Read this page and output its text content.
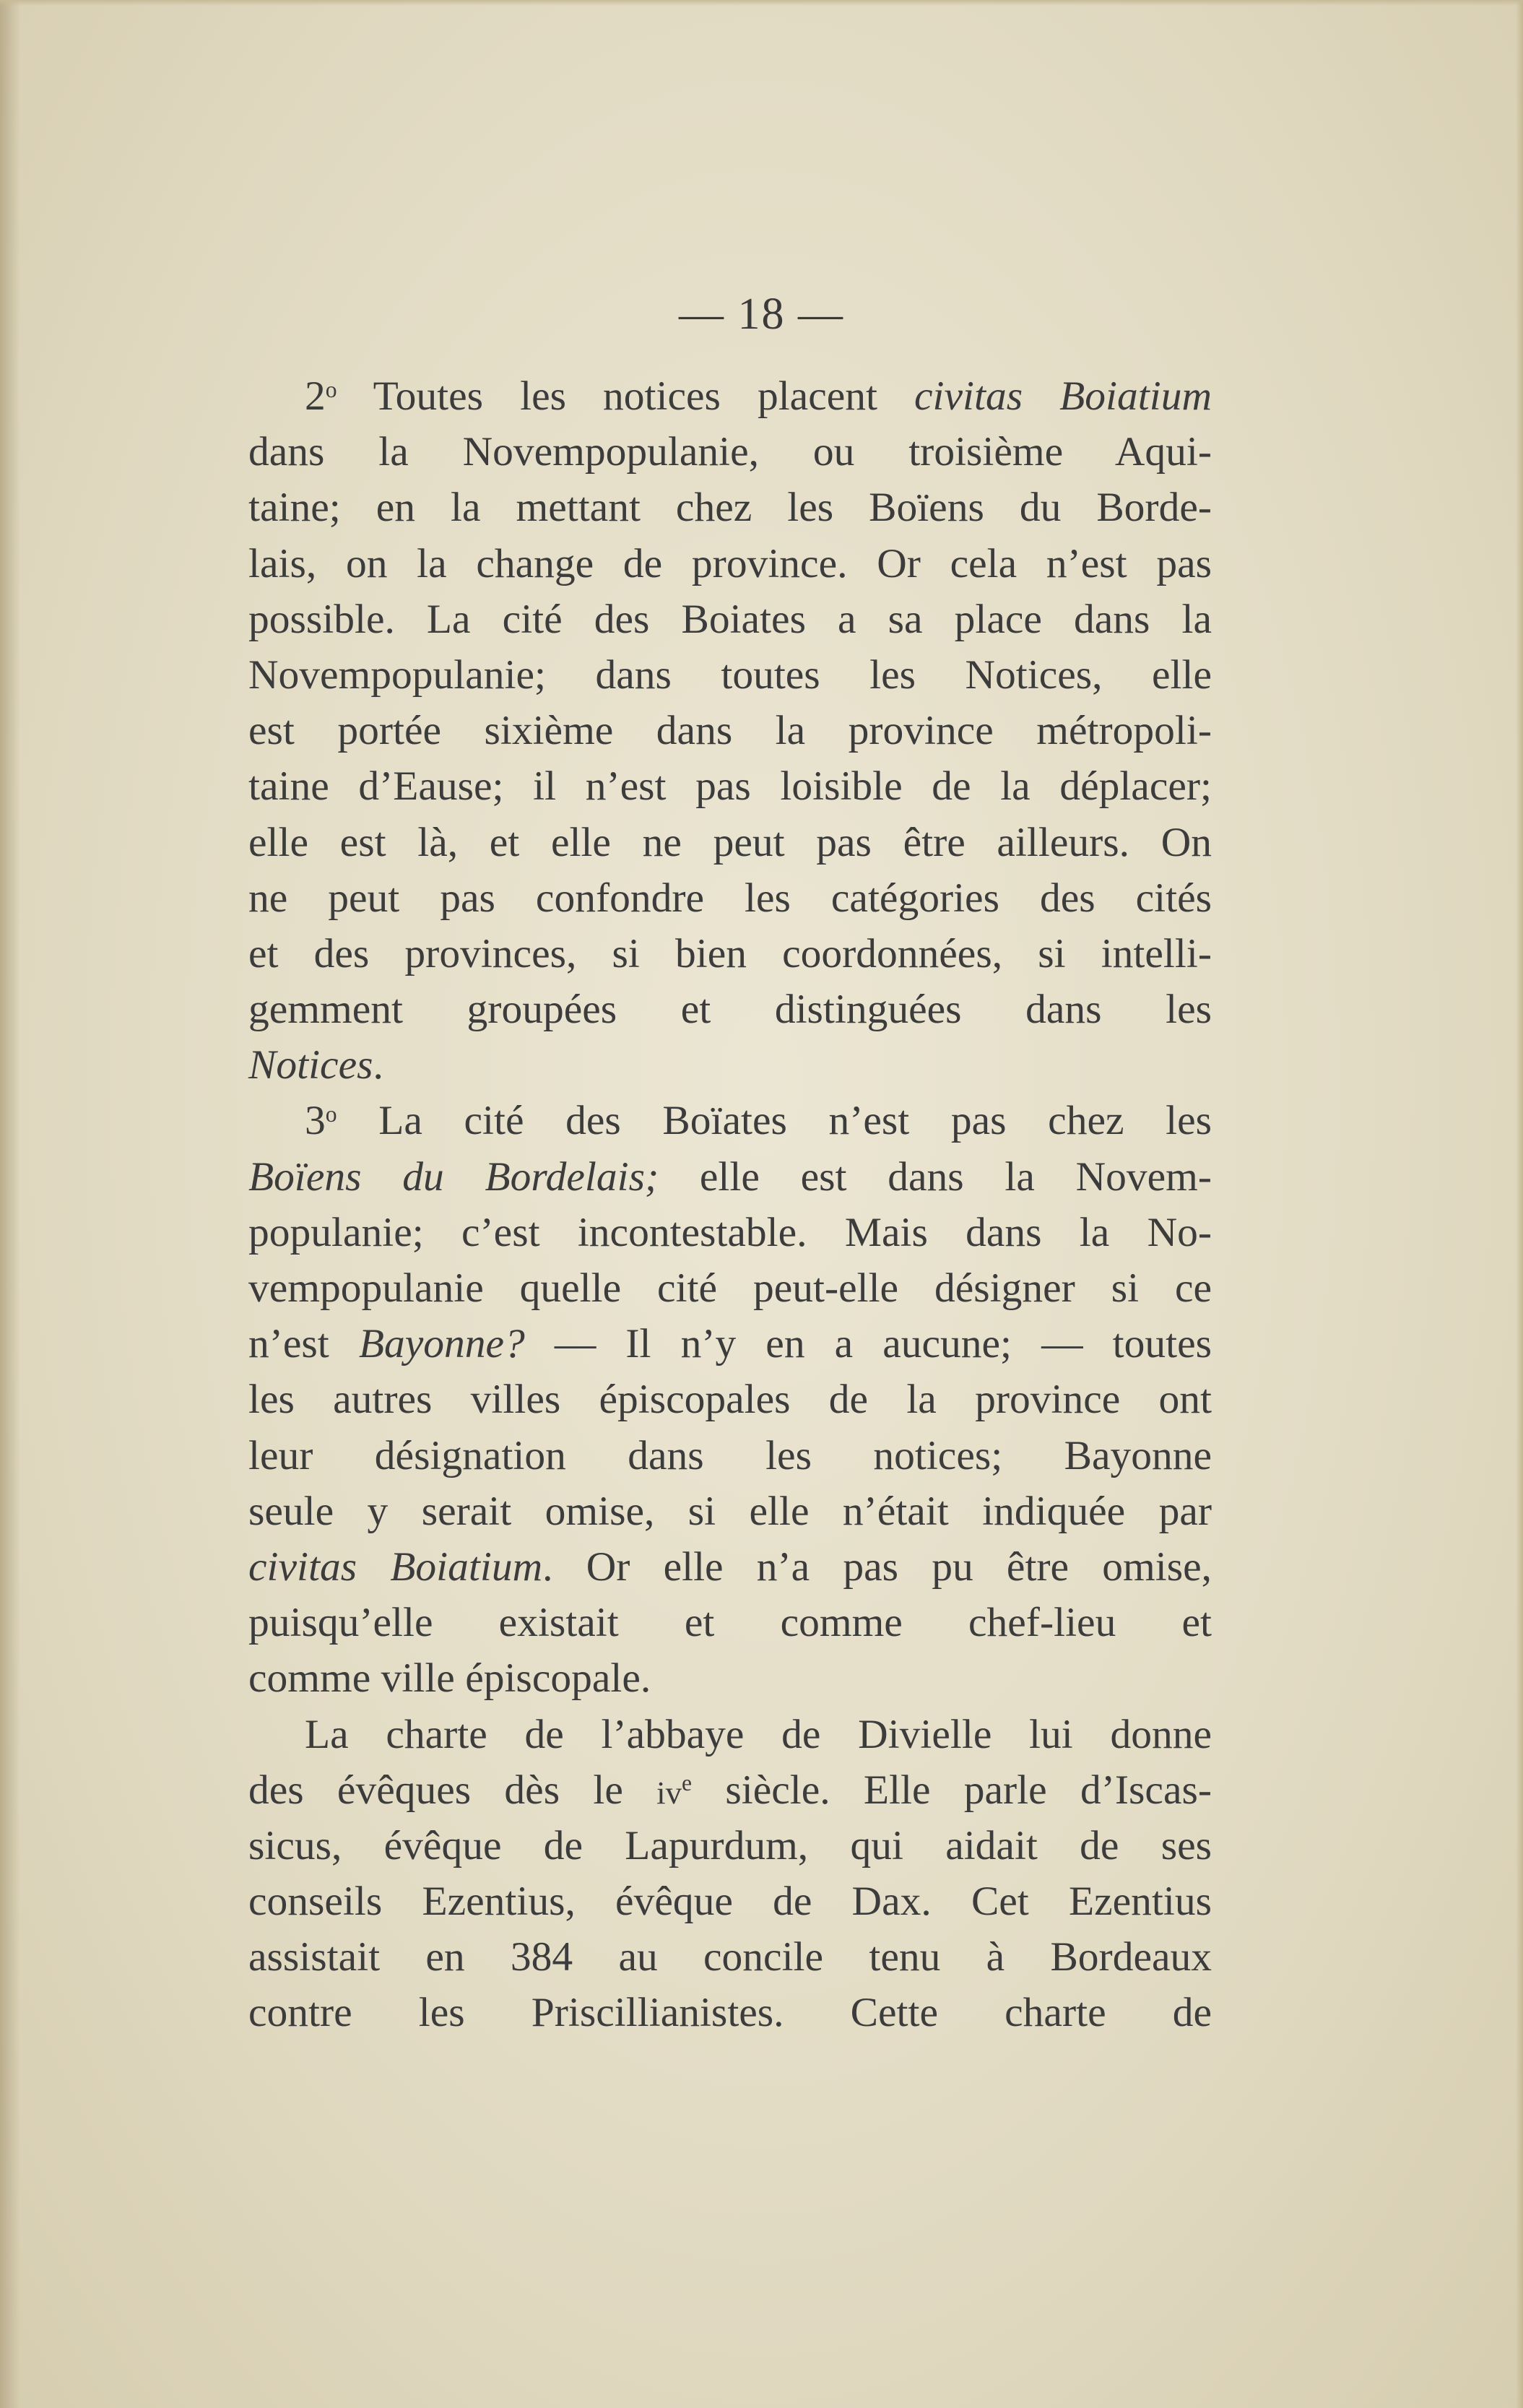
— 18 —
2$^o$ Toutes les notices placent civitas Boiatium
dans la Novempopulanie, ou troisième Aqui-
taine; en la mettant chez les Boïens du Borde-
lais, on la change de province. Or cela n’est pas
possible. La cité des Boiates a sa place dans la
Novempopulanie; dans toutes les Notices, elle
est portée sixième dans la province métropoli-
taine d’Eause; il n’est pas loisible de la déplacer;
elle est là, et elle ne peut pas être ailleurs. On
ne peut pas confondre les catégories des cités
et des provinces, si bien coordonnées, si intelli-
gemment groupées et distinguées dans les
Notices.
3$^o$ La cité des Boïates n’est pas chez les
Boïens du Bordelais; elle est dans la Novem-
populanie; c’est incontestable. Mais dans la No-
vempopulanie quelle cité peut-elle désigner si ce
n’est Bayonne? — Il n’y en a aucune; — toutes
les autres villes épiscopales de la province ont
leur désignation dans les notices; Bayonne
seule y serait omise, si elle n’était indiquée par
civitas Boiatium. Or elle n’a pas pu être omise,
puisqu’elle existait et comme chef-lieu et
comme ville épiscopale.
La charte de l’abbaye de Divielle lui donne
des évêques dès le $iv^e$ siècle. Elle parle d’Iscas-
sicus, évêque de Lapurdum, qui aidait de ses
conseils Ezentius, évêque de Dax. Cet Ezentius
assistait en 384 au concile tenu à Bordeaux
contre les Priscillianistes. Cette charte de
